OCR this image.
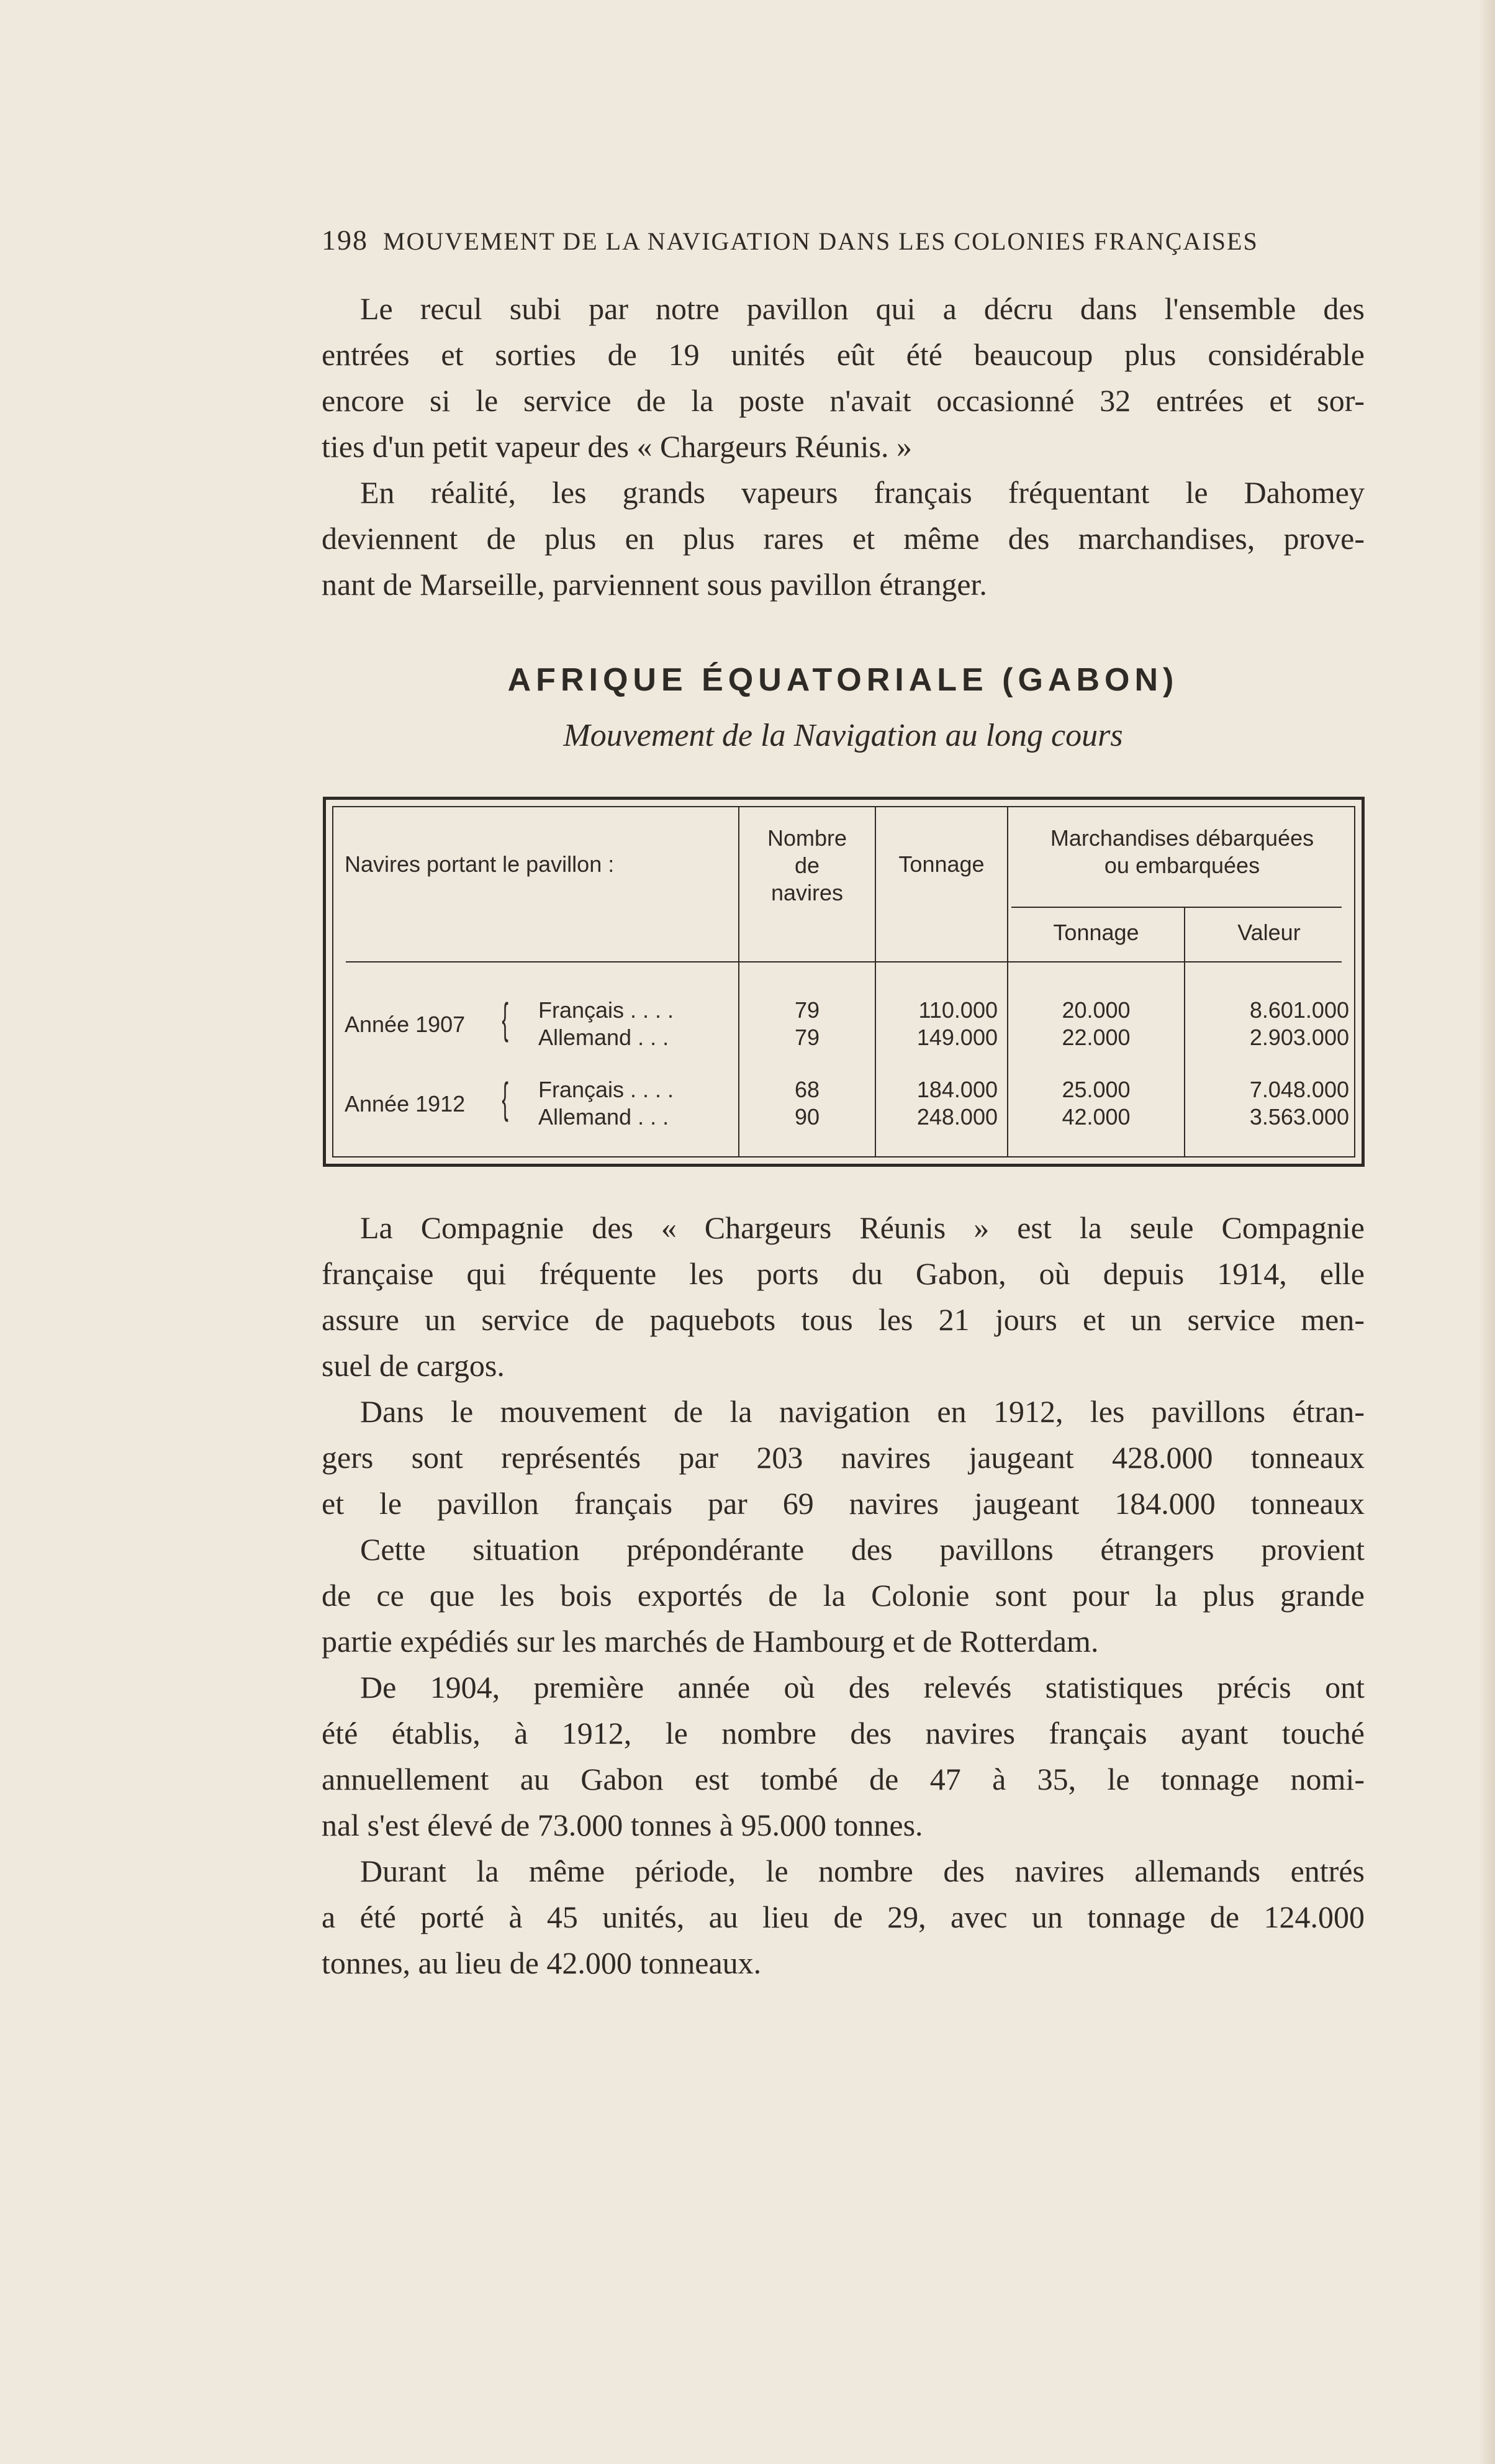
198 MOUVEMENT DE LA NAVIGATION DANS LES COLONIES FRANÇAISES
Le recul subi par notre pavillon qui a décru dans l'ensemble des
entrées et sorties de 19 unités eût été beaucoup plus considérable
encore si le service de la poste n'avait occasionné 32 entrées et sor-
ties d'un petit vapeur des « Chargeurs Réunis. »
En réalité, les grands vapeurs français fréquentant le Dahomey
deviennent de plus en plus rares et même des marchandises, prove-
nant de Marseille, parviennent sous pavillon étranger.
AFRIQUE ÉQUATORIALE (GABON)
Mouvement de la Navigation au long cours
Navires portant le pavillon :
Nombre
de
navires
Tonnage
Marchandises débarquées
ou embarquées
Tonnage	Valeur
Année 1907 { Français . . . .
Allemand . . .
79
79
110.000
149.000
20.000
22.000
8.601.000
2.903.000
Année 1912 { Français . . . .
Allemand . . .
68
90
184.000
248.000
25.000
42.000
7.048.000
3.563.000
La Compagnie des « Chargeurs Réunis » est la seule Compagnie
française qui fréquente les ports du Gabon, où depuis 1914, elle
assure un service de paquebots tous les 21 jours et un service men-
suel de cargos.
Dans le mouvement de la navigation en 1912, les pavillons étran-
gers sont représentés par 203 navires jaugeant 428.000 tonneaux
et le pavillon français par 69 navires jaugeant 184.000 tonneaux
Cette situation prépondérante des pavillons étrangers provient
de ce que les bois exportés de la Colonie sont pour la plus grande
partie expédiés sur les marchés de Hambourg et de Rotterdam.
De 1904, première année où des relevés statistiques précis ont
été établis, à 1912, le nombre des navires français ayant touché
annuellement au Gabon est tombé de 47 à 35, le tonnage nomi-
nal s'est élevé de 73.000 tonnes à 95.000 tonnes.
Durant la même période, le nombre des navires allemands entrés
a été porté à 45 unités, au lieu de 29, avec un tonnage de 124.000
tonnes, au lieu de 42.000 tonneaux.
